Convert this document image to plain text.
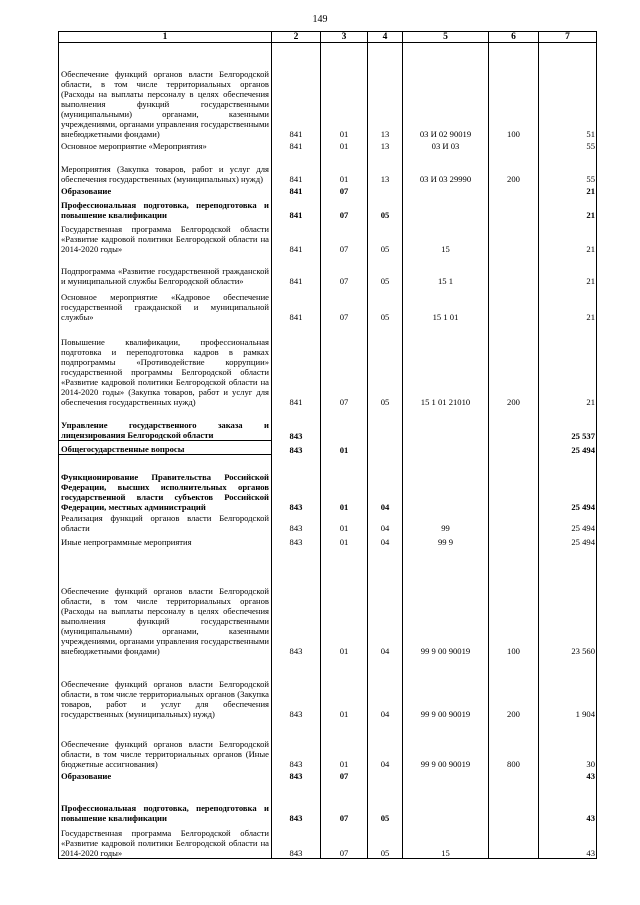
149
1	2	3	4	5	6	7
Обеспечение функций органов власти Белгородской области, в том числе территориальных органов (Расходы на выплаты персоналу в целях обеспечения выполнения функций государственными (муниципальными) органами, казенными учреждениями, органами управления государственными внебюджетными фондами)	841	01	13	03 И 02 90019	100	51
Основное мероприятие «Мероприятия»	841	01	13	03 И 03		55
Мероприятия (Закупка товаров, работ и услуг для обеспечения государственных (муниципальных) нужд)	841	01	13	03 И 03 29990	200	55
Образование	841	07				21
Профессиональная подготовка, переподготовка и повышение квалификации	841	07	05			21
Государственная программа Белгородской области «Развитие кадровой политики Белгородской области на 2014-2020 годы»	841	07	05	15		21
Подпрограмма «Развитие государственной гражданской и муниципальной службы Белгородской области»	841	07	05	15 1		21
Основное мероприятие «Кадровое обеспечение государственной гражданской и муниципальной службы»	841	07	05	15 1 01		21
Повышение квалификации, профессиональная подготовка и переподготовка кадров в рамках подпрограммы «Противодействие коррупции» государственной программы Белгородской области «Развитие кадровой политики Белгородской области на 2014-2020 годы» (Закупка товаров, работ и услуг для обеспечения государственных нужд)	841	07	05	15 1 01 21010	200	21
Управление государственного заказа и лицензирования Белгородской области	843					25 537
Общегосударственные вопросы	843	01				25 494
Функционирование Правительства Российской Федерации, высших исполнительных органов государственной власти субъектов Российской Федерации, местных администраций	843	01	04			25 494
Реализация функций органов власти Белгородской области	843	01	04	99		25 494
Иные непрограммные мероприятия	843	01	04	99 9		25 494
Обеспечение функций органов власти Белгородской области, в том числе территориальных органов (Расходы на выплаты персоналу в целях обеспечения выполнения функций государственными (муниципальными) органами, казенными учреждениями, органами управления государственными внебюджетными фондами)	843	01	04	99 9 00 90019	100	23 560
Обеспечение функций органов власти Белгородской области, в том числе территориальных органов (Закупка товаров, работ и услуг для обеспечения государственных (муниципальных) нужд)	843	01	04	99 9 00 90019	200	1 904
Обеспечение функций органов власти Белгородской области, в том числе территориальных органов (Иные бюджетные ассигнования)	843	01	04	99 9 00 90019	800	30
Образование	843	07				43
Профессиональная подготовка, переподготовка и повышение квалификации	843	07	05			43
Государственная программа Белгородской области «Развитие кадровой политики Белгородской области на 2014-2020 годы»	843	07	05	15		43
